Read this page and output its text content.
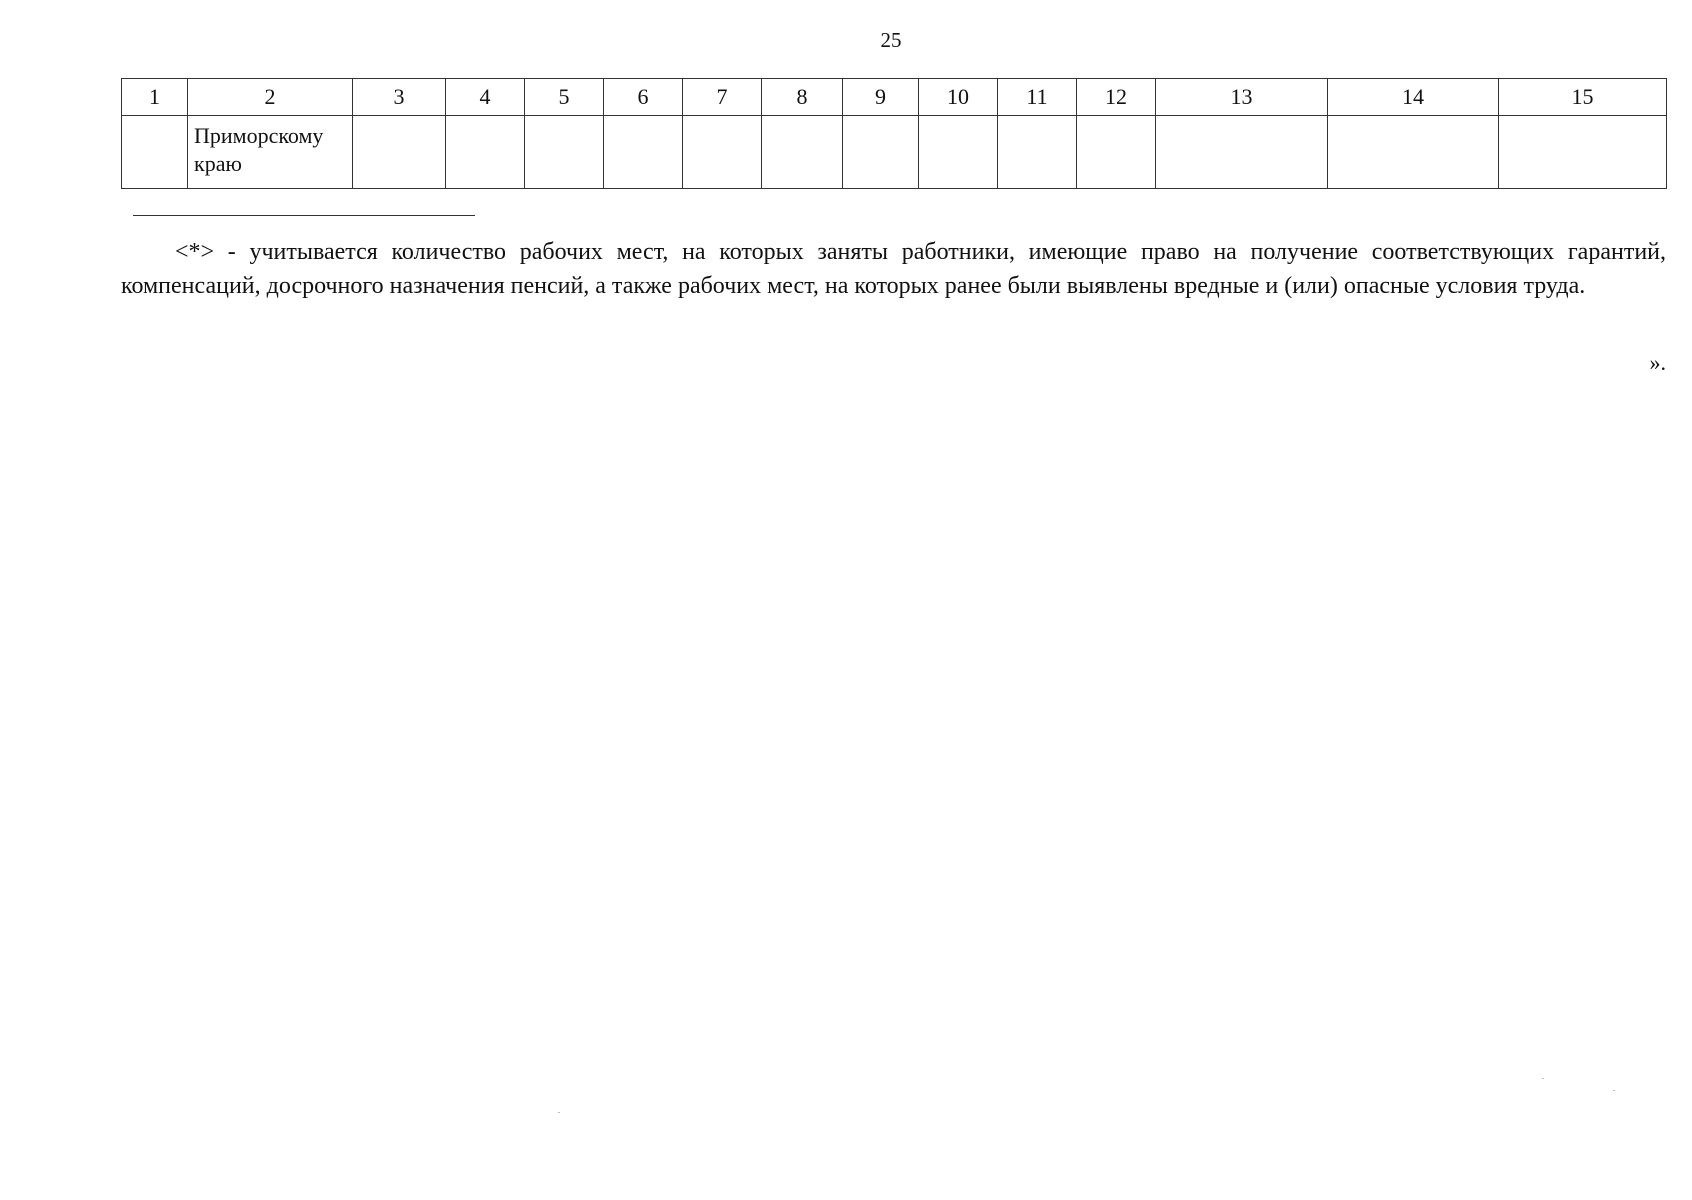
25
1	2	3	4	5	6	7	8	9	10	11	12	13	14	15
	Приморскому краю													

<*> - учитывается количество рабочих мест, на которых заняты работники, имеющие право на получение соответствующих гарантий, компенсаций, досрочного назначения пенсий, а также рабочих мест, на которых ранее были выявлены вредные и (или) опасные условия труда.

».
